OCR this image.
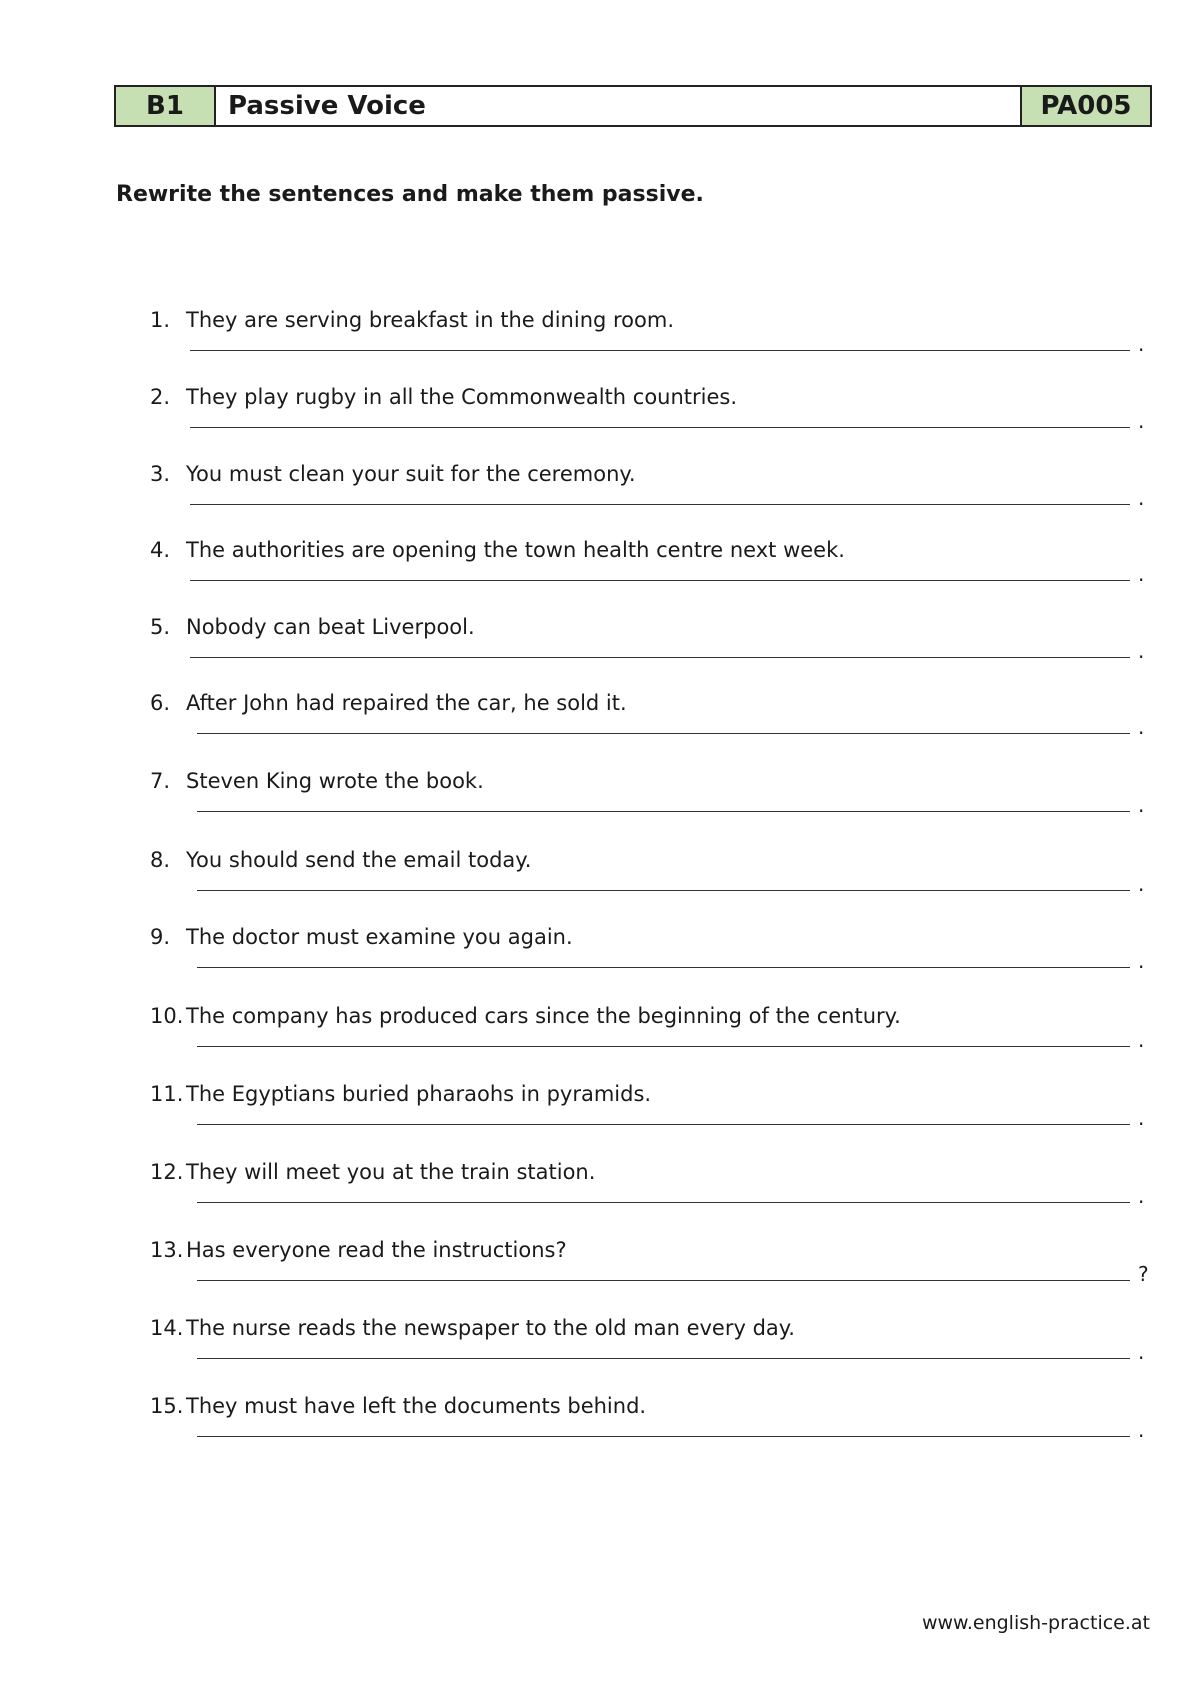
B1	Passive Voice	PA005
Rewrite the sentences and make them passive.
1. They are serving breakfast in the dining room.
.
2. They play rugby in all the Commonwealth countries.
.
3. You must clean your suit for the ceremony.
.
4. The authorities are opening the town health centre next week.
.
5. Nobody can beat Liverpool.
.
6. After John had repaired the car, he sold it.
.
7. Steven King wrote the book.
.
8. You should send the email today.
.
9. The doctor must examine you again.
.
10. The company has produced cars since the beginning of the century.
.
11. The Egyptians buried pharaohs in pyramids.
.
12. They will meet you at the train station.
.
13. Has everyone read the instructions?
?
14. The nurse reads the newspaper to the old man every day.
.
15. They must have left the documents behind.
.
www.english-practice.at
